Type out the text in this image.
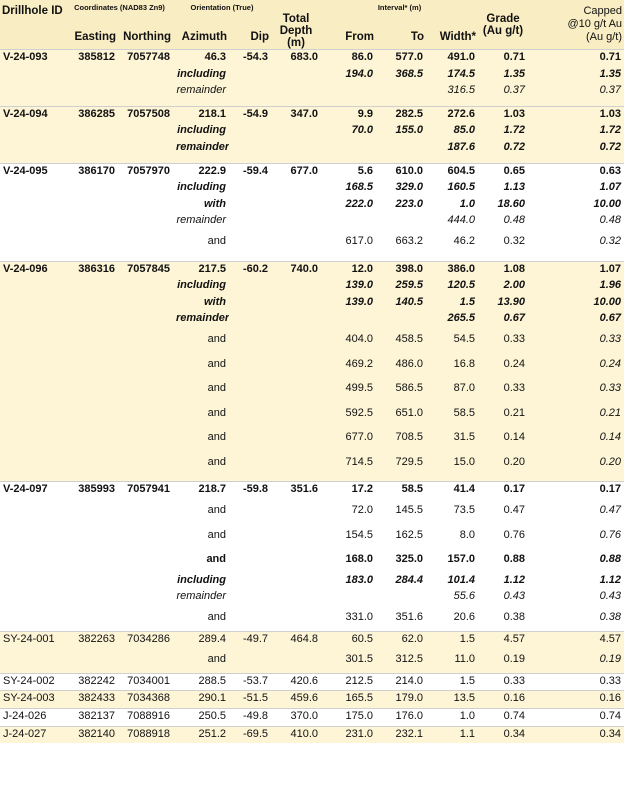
Drillhole ID	Coordinates (NAD83 Zn9)		Orientation (True)		Total	Interval* (m)			Grade	Capped
@10 g/t Au
(Au g/t)

	Easting	Northing	Azimuth	Dip	Depth (m)	From	To	Width*	(Au g/t)	
V-24-093	385812	7057748	46.3	-54.3	683.0	86.0	577.0	491.0	0.71	0.71
			including			194.0	368.5	174.5	1.35	1.35
			remainder					316.5	0.37	0.37

V-24-094	386285	7057508	218.1	-54.9	347.0	9.9	282.5	272.6	1.03	1.03
			including			70.0	155.0	85.0	1.72	1.72
			remainder					187.6	0.72	0.72

V-24-095	386170	7057970	222.9	-59.4	677.0	5.6	610.0	604.5	0.65	0.63
			including			168.5	329.0	160.5	1.13	1.07
			with			222.0	223.0	1.0	18.60	10.00
			remainder					444.0	0.48	0.48
			and			617.0	663.2	46.2	0.32	0.32

V-24-096	386316	7057845	217.5	-60.2	740.0	12.0	398.0	386.0	1.08	1.07
			including			139.0	259.5	120.5	2.00	1.96
			with			139.0	140.5	1.5	13.90	10.00
			remainder					265.5	0.67	0.67
			and			404.0	458.5	54.5	0.33	0.33
			and			469.2	486.0	16.8	0.24	0.24
			and			499.5	586.5	87.0	0.33	0.33
			and			592.5	651.0	58.5	0.21	0.21
			and			677.0	708.5	31.5	0.14	0.14
			and			714.5	729.5	15.0	0.20	0.20

V-24-097	385993	7057941	218.7	-59.8	351.6	17.2	58.5	41.4	0.17	0.17
			and			72.0	145.5	73.5	0.47	0.47
			and			154.5	162.5	8.0	0.76	0.76
			and			168.0	325.0	157.0	0.88	0.88
			including			183.0	284.4	101.4	1.12	1.12
			remainder					55.6	0.43	0.43
			and			331.0	351.6	20.6	0.38	0.38
SY-24-001	382263	7034286	289.4	-49.7	464.8	60.5	62.0	1.5	4.57	4.57
			and			301.5	312.5	11.0	0.19	0.19
SY-24-002	382242	7034001	288.5	-53.7	420.6	212.5	214.0	1.5	0.33	0.33
SY-24-003	382433	7034368	290.1	-51.5	459.6	165.5	179.0	13.5	0.16	0.16
J-24-026	382137	7088916	250.5	-49.8	370.0	175.0	176.0	1.0	0.74	0.74
J-24-027	382140	7088918	251.2	-69.5	410.0	231.0	232.1	1.1	0.34	0.34
